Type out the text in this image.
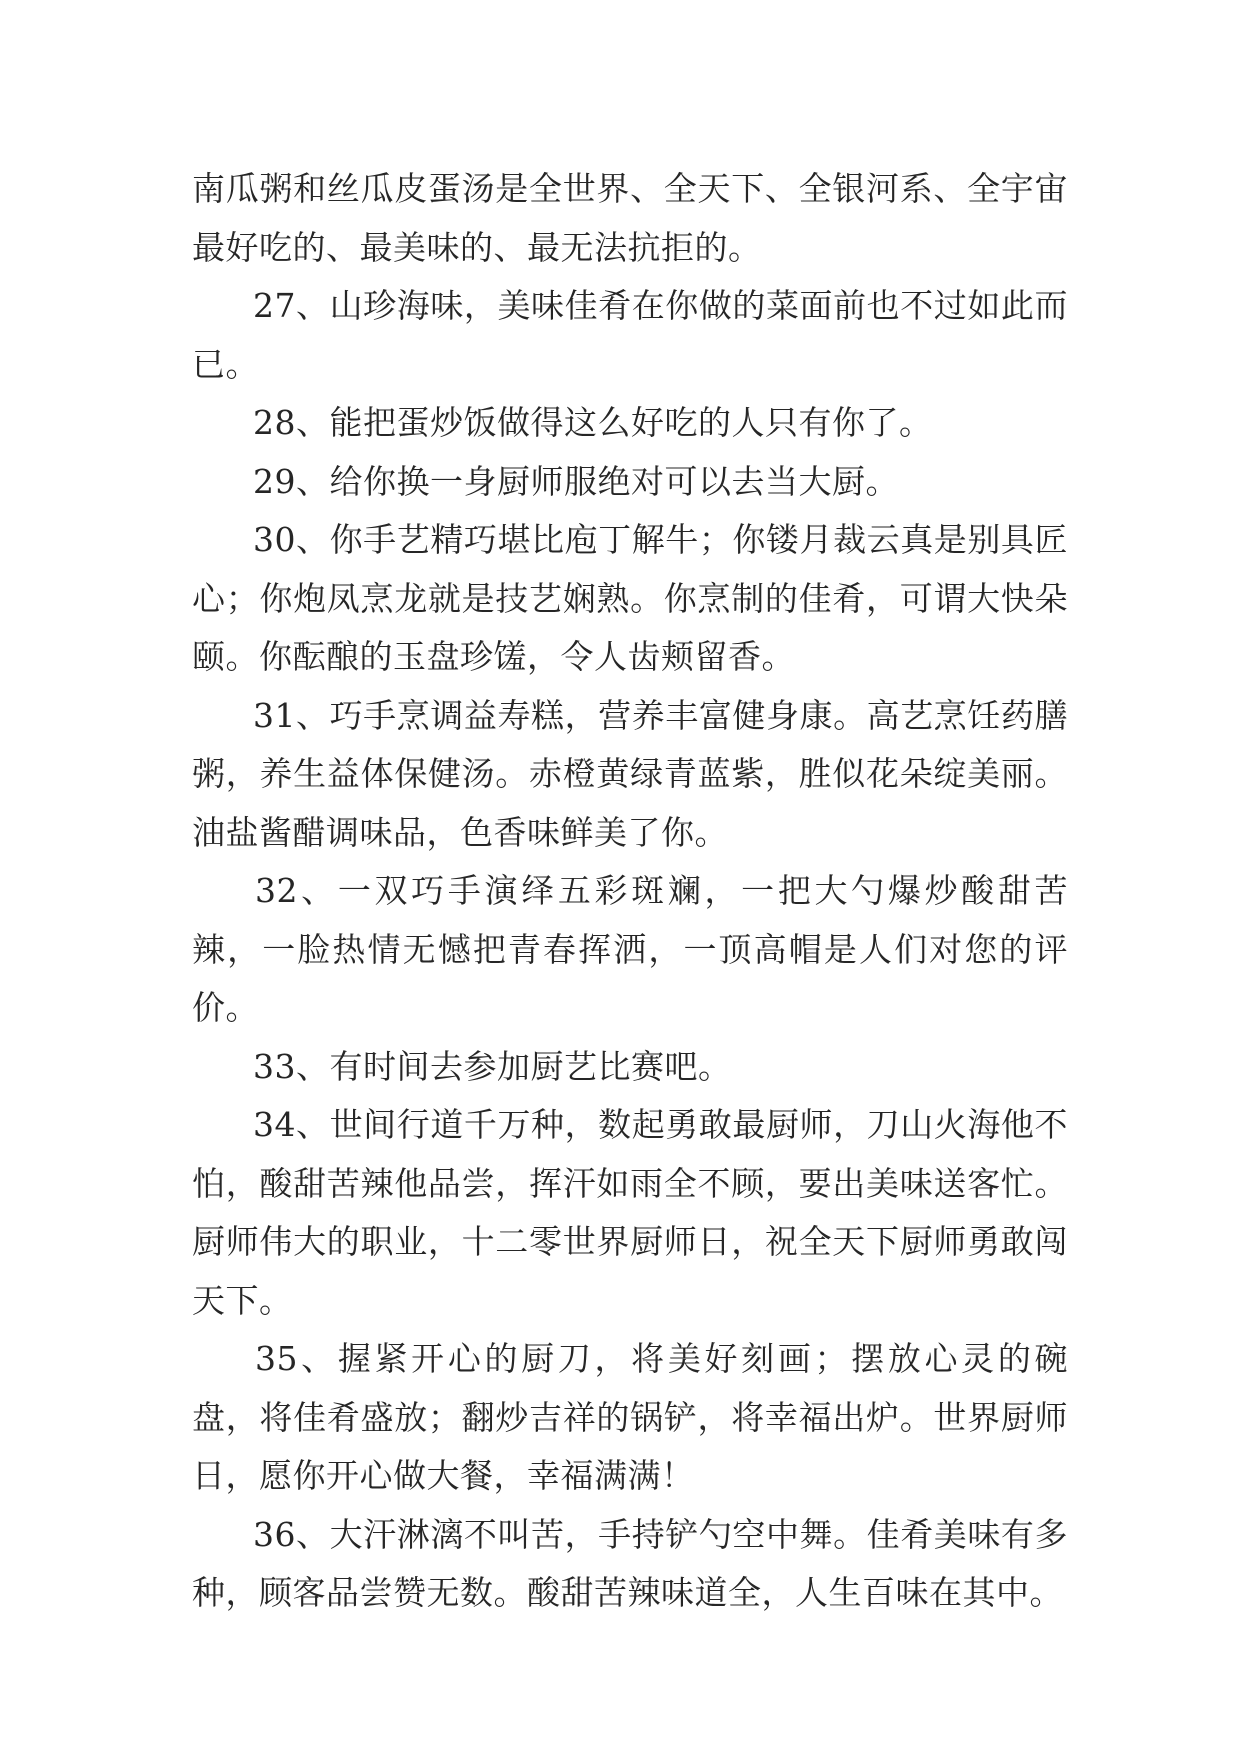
南瓜粥和丝瓜皮蛋汤是全世界、全天下、全银河系、全宇宙最好吃的、最美味的、最无法抗拒的。

27、山珍海味，美味佳肴在你做的菜面前也不过如此而已。

28、能把蛋炒饭做得这么好吃的人只有你了。

29、给你换一身厨师服绝对可以去当大厨。

30、你手艺精巧堪比庖丁解牛；你镂月裁云真是别具匠心；你炮凤烹龙就是技艺娴熟。你烹制的佳肴，可谓大快朵颐。你酝酿的玉盘珍馐，令人齿颊留香。

31、巧手烹调益寿糕，营养丰富健身康。高艺烹饪药膳粥，养生益体保健汤。赤橙黄绿青蓝紫，胜似花朵绽美丽。油盐酱醋调味品，色香味鲜美了你。

32、一双巧手演绎五彩斑斓，一把大勺爆炒酸甜苦辣，一脸热情无憾把青春挥洒，一顶高帽是人们对您的评价。

33、有时间去参加厨艺比赛吧。

34、世间行道千万种，数起勇敢最厨师，刀山火海他不怕，酸甜苦辣他品尝，挥汗如雨全不顾，要出美味送客忙。厨师伟大的职业，十二零世界厨师日，祝全天下厨师勇敢闯天下。

35、握紧开心的厨刀，将美好刻画；摆放心灵的碗盘，将佳肴盛放；翻炒吉祥的锅铲，将幸福出炉。世界厨师日，愿你开心做大餐，幸福满满！

36、大汗淋漓不叫苦，手持铲勺空中舞。佳肴美味有多种，顾客品尝赞无数。酸甜苦辣味道全，人生百味在其中。
